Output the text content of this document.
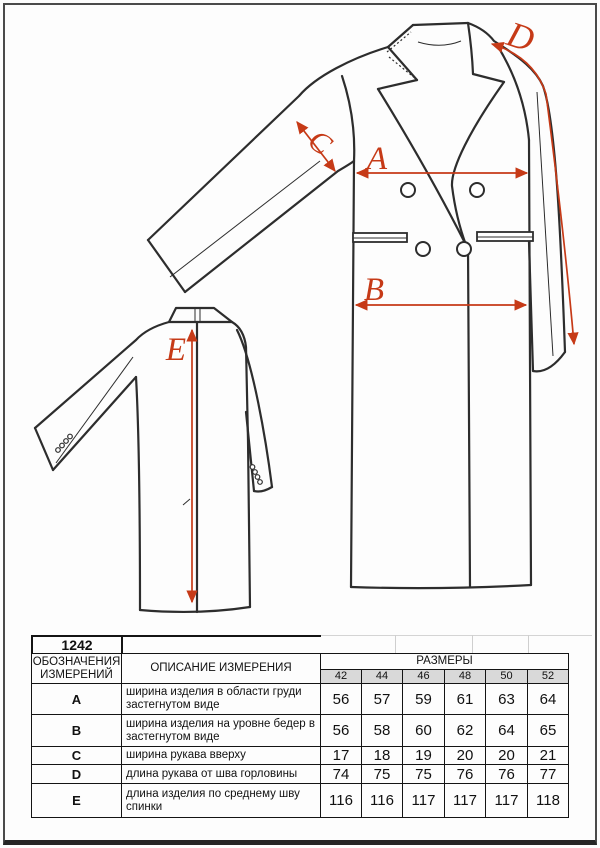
A
B
C
D
E
1242
ОБОЗНАЧЕНИЯ
ИЗМЕРЕНИЙ	ОПИСАНИЕ ИЗМЕРЕНИЯ	РАЗМЕРЫ					
		42	44	46	48	50	52
A	ширина изделия в области груди застегнутом виде	56	57	59	61	63	64
B	ширина изделия на уровне бедер в застегнутом виде	56	58	60	62	64	65
C	ширина рукава вверху	17	18	19	20	20	21
D	длина рукава от шва горловины	74	75	75	76	76	77
E	длина изделия по среднему шву спинки	116	116	117	117	117	118
